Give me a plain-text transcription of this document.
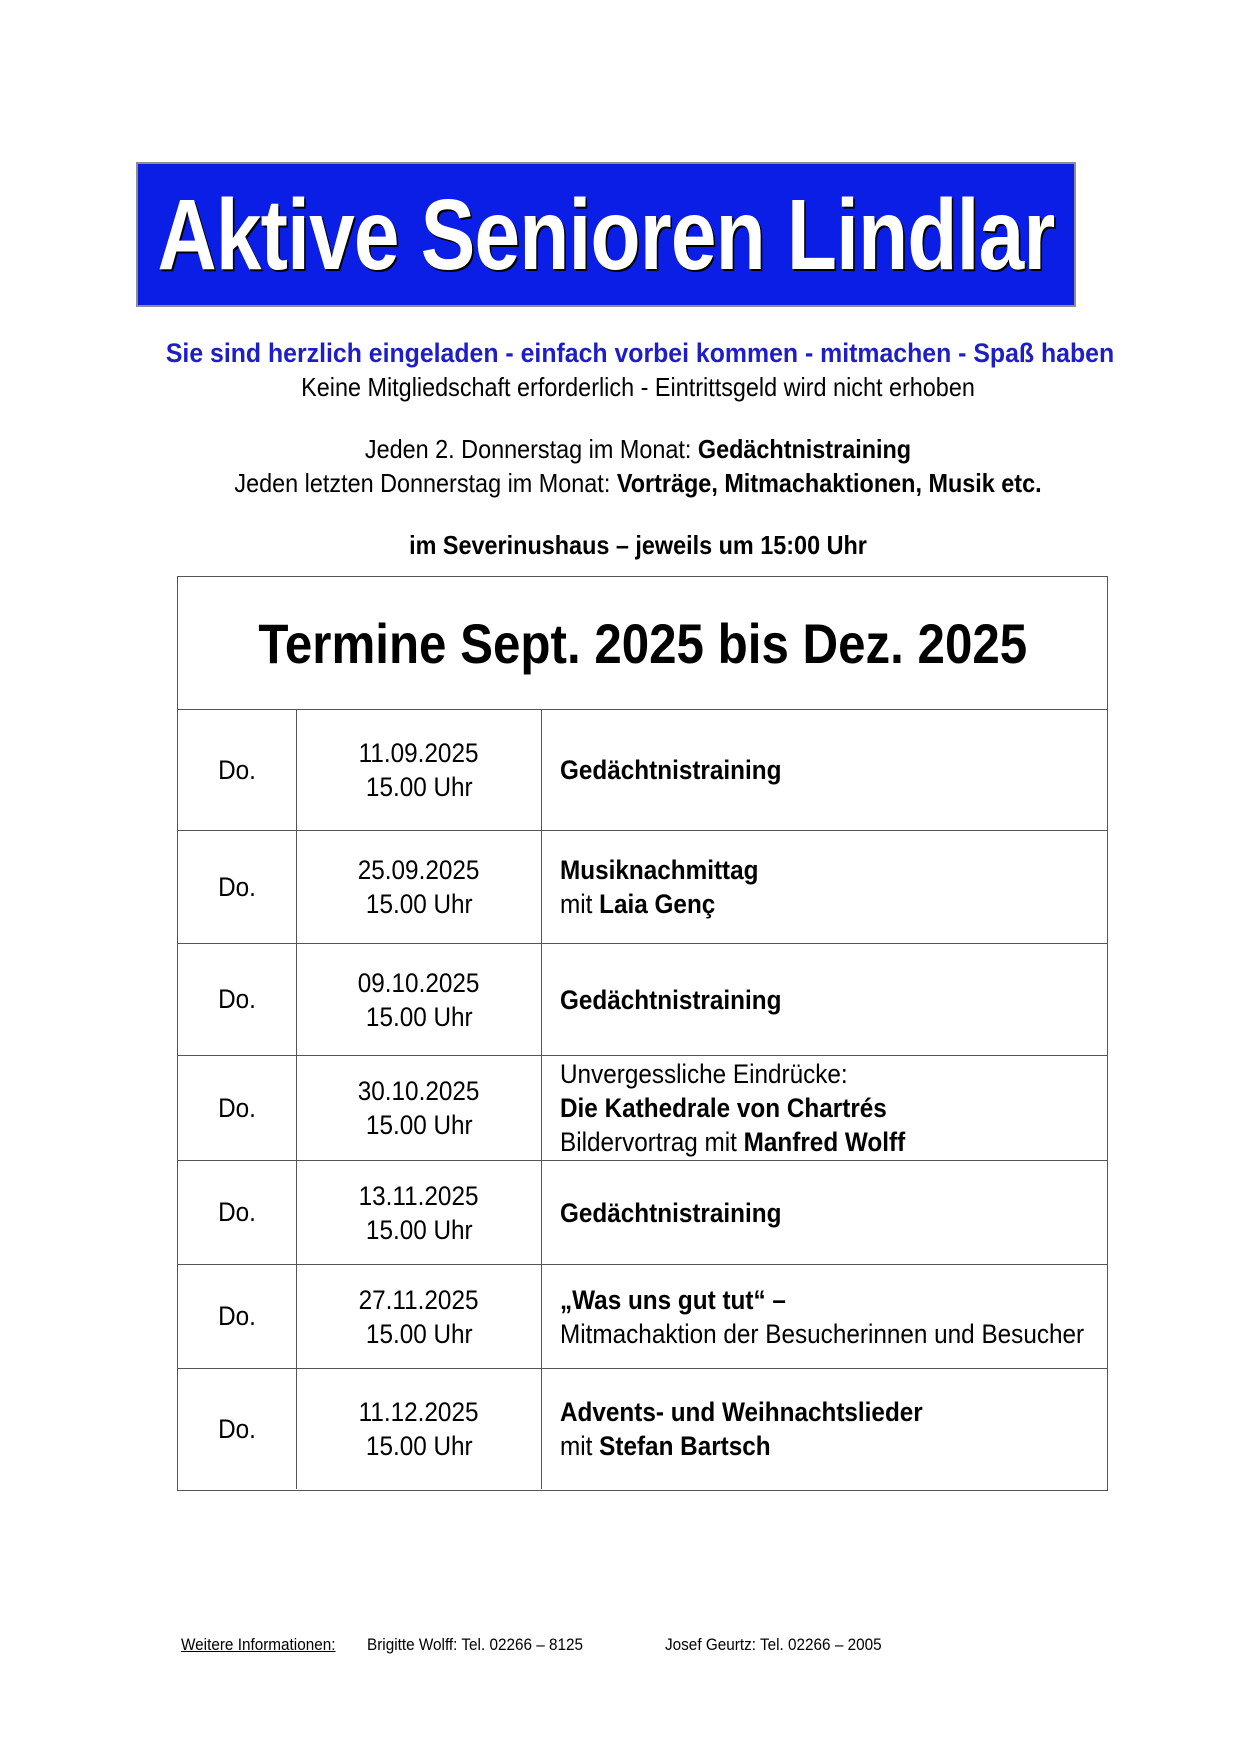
Aktive Senioren Lindlar
Sie sind herzlich eingeladen - einfach vorbei kommen - mitmachen - Spaß haben
Keine Mitgliedschaft erforderlich - Eintrittsgeld wird nicht erhoben
Jeden 2. Donnerstag im Monat: Gedächtnistraining
Jeden letzten Donnerstag im Monat: Vorträge, Mitmachaktionen, Musik etc.
im Severinushaus – jeweils um 15:00 Uhr
Termine Sept. 2025 bis Dez. 2025
Do.
11.09.2025
15.00 Uhr
Gedächtnistraining
Do.
25.09.2025
15.00 Uhr
Musiknachmittag
mit Laia Genç
Do.
09.10.2025
15.00 Uhr
Gedächtnistraining
Do.
30.10.2025
15.00 Uhr
Unvergessliche Eindrücke:
Die Kathedrale von Chartrés
Bildervortrag mit Manfred Wolff
Do.
13.11.2025
15.00 Uhr
Gedächtnistraining
Do.
27.11.2025
15.00 Uhr
„Was uns gut tut“ –
Mitmachaktion der Besucherinnen und Besucher
Do.
11.12.2025
15.00 Uhr
Advents- und Weihnachtslieder
mit Stefan Bartsch
Weitere Informationen: Brigitte Wolff: Tel. 02266 – 8125	Josef Geurtz: Tel. 02266 – 2005
